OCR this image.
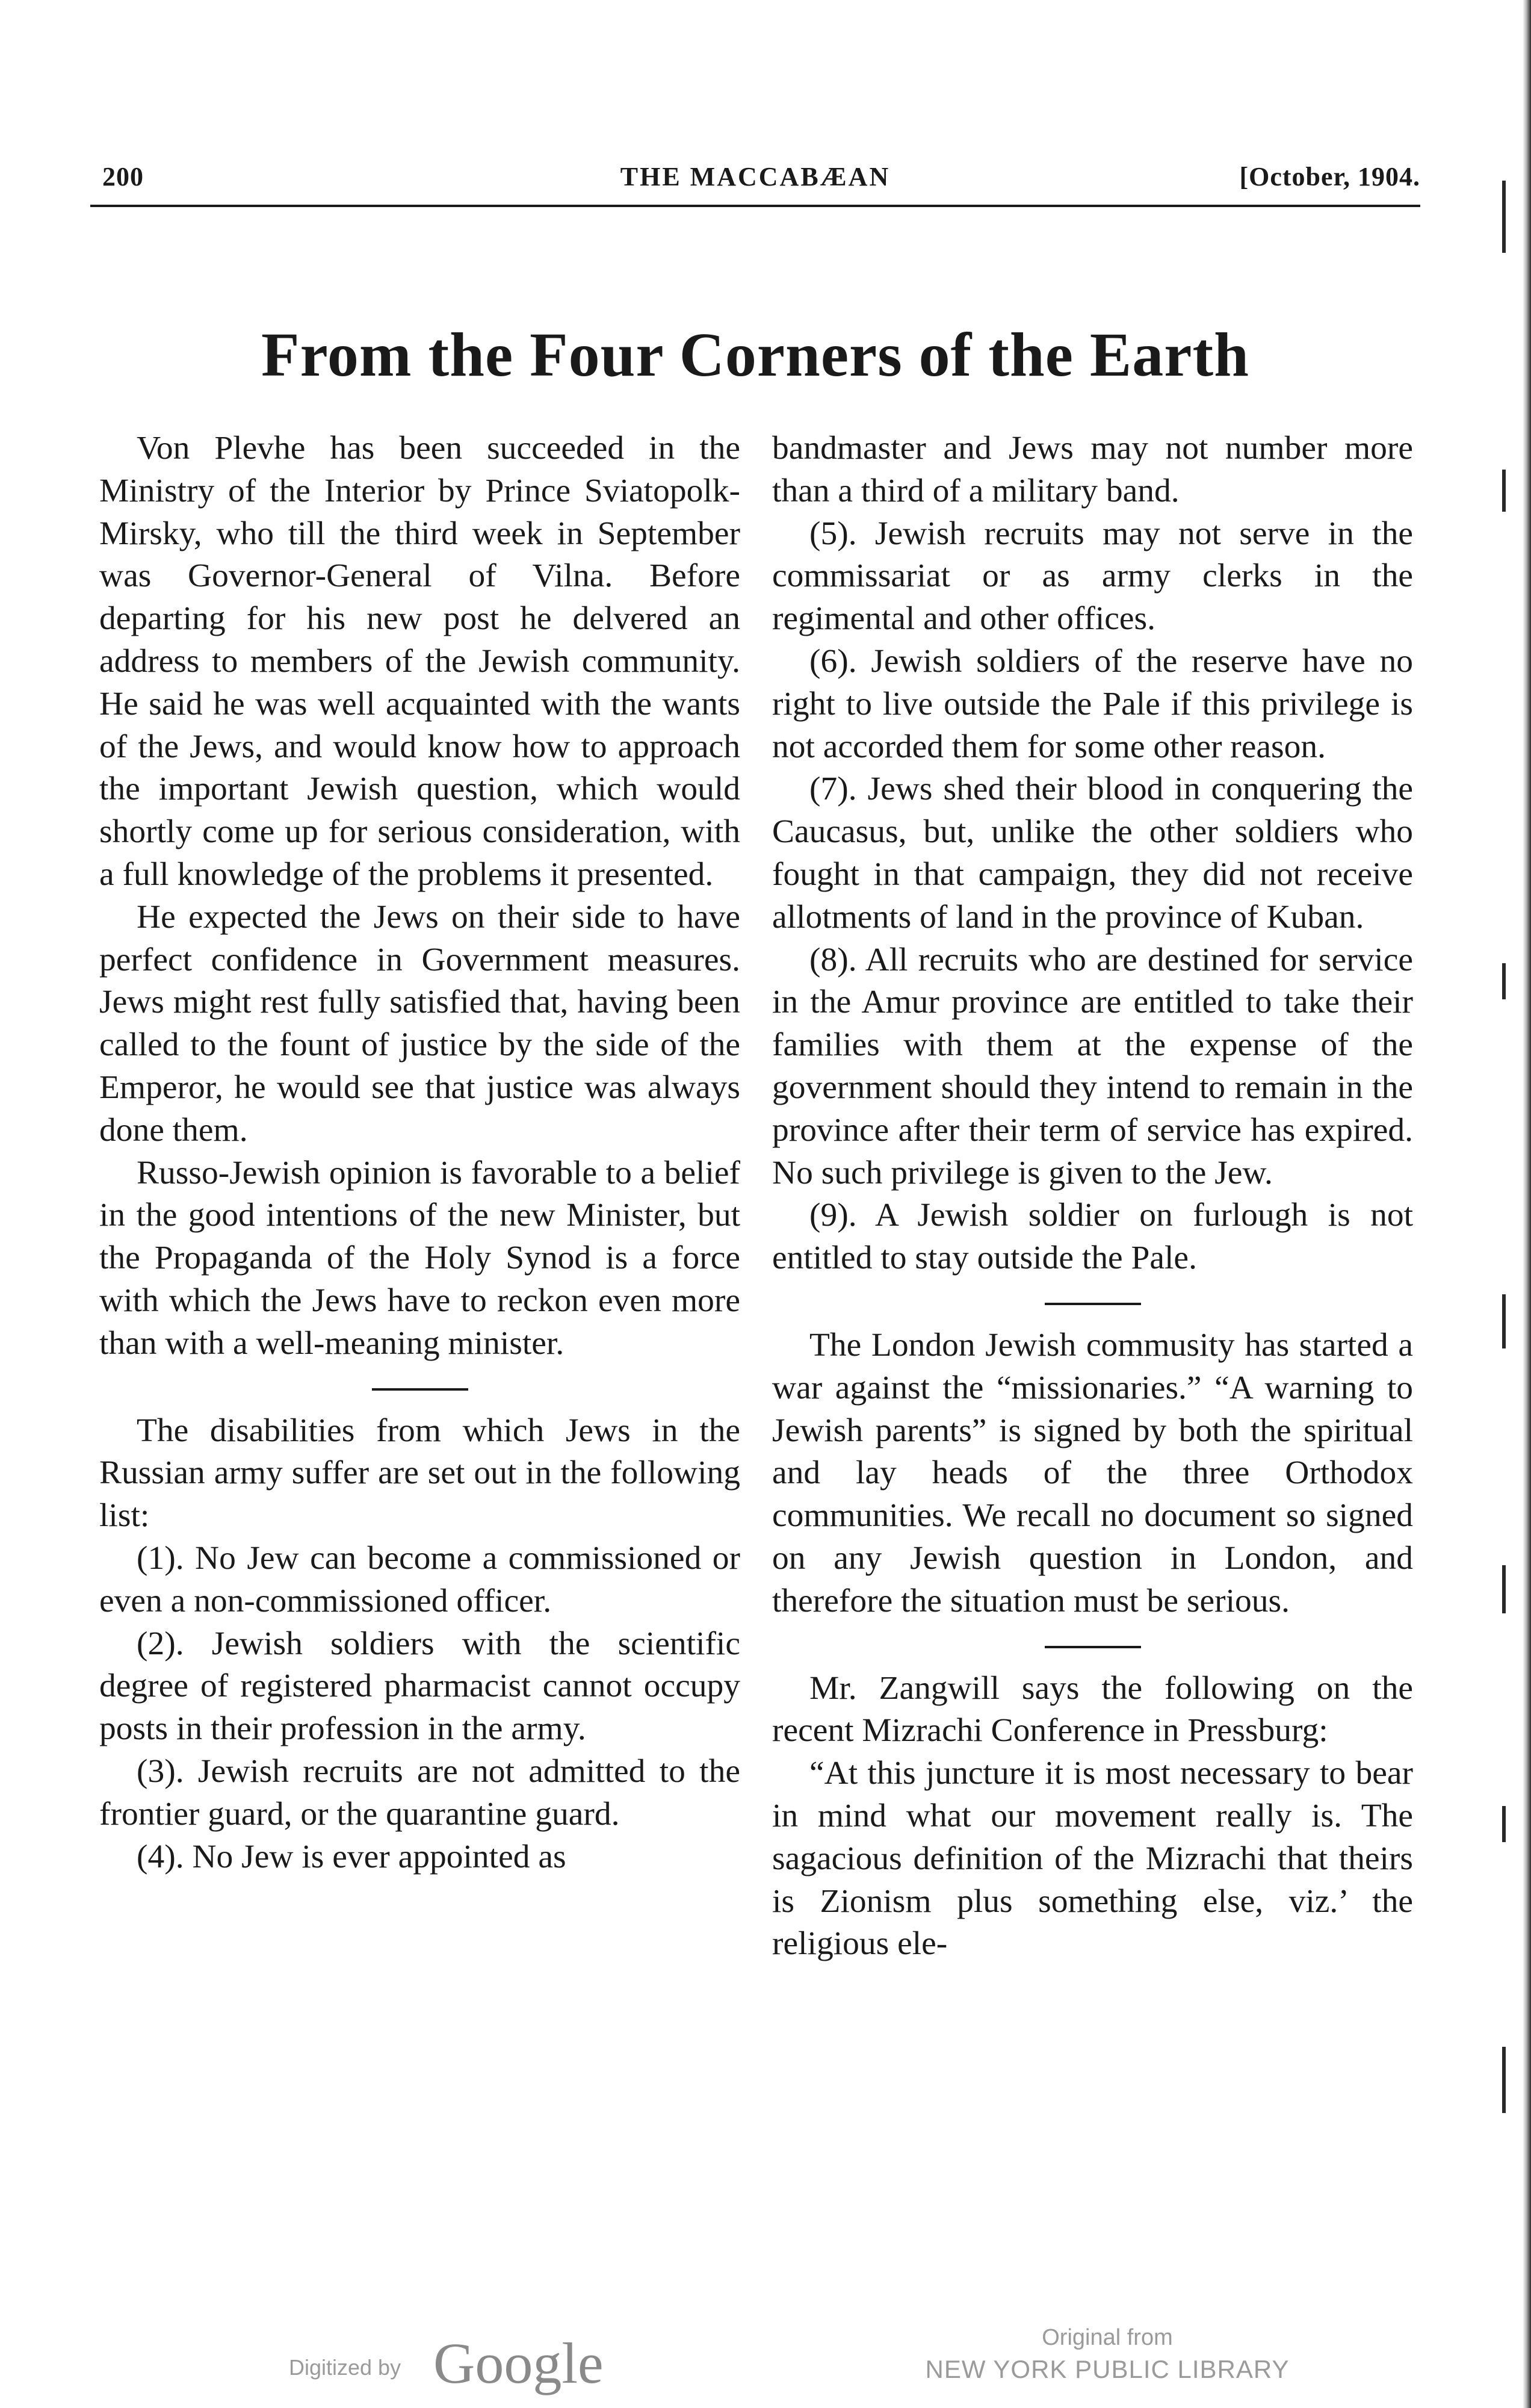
200	THE MACCABÆAN	[October, 1904.
From the Four Corners of the Earth

Von Plevhe has been succeeded in the Ministry of the Interior by Prince Sviatopolk-Mirsky, who till the third week in September was Governor-General of Vilna. Before departing for his new post he delvered an address to members of the Jewish community. He said he was well acquainted with the wants of the Jews, and would know how to approach the important Jewish question, which would shortly come up for serious consideration, with a full knowledge of the problems it presented.

He expected the Jews on their side to have perfect confidence in Government measures. Jews might rest fully satisfied that, having been called to the fount of justice by the side of the Emperor, he would see that justice was always done them.

Russo-Jewish opinion is favorable to a belief in the good intentions of the new Minister, but the Propaganda of the Holy Synod is a force with which the Jews have to reckon even more than with a well-meaning minister.

The disabilities from which Jews in the Russian army suffer are set out in the following list:

(1). No Jew can become a commissioned or even a non-commissioned officer.

(2). Jewish soldiers with the scientific degree of registered pharmacist cannot occupy posts in their profession in the army.

(3). Jewish recruits are not admitted to the frontier guard, or the quarantine guard.

(4). No Jew is ever appointed as

bandmaster and Jews may not number more than a third of a military band.

(5). Jewish recruits may not serve in the commissariat or as army clerks in the regimental and other offices.

(6). Jewish soldiers of the reserve have no right to live outside the Pale if this privilege is not accorded them for some other reason.

(7). Jews shed their blood in conquering the Caucasus, but, unlike the other soldiers who fought in that campaign, they did not receive allotments of land in the province of Kuban.

(8). All recruits who are destined for service in the Amur province are entitled to take their families with them at the expense of the government should they intend to remain in the province after their term of service has expired. No such privilege is given to the Jew.

(9). A Jewish soldier on furlough is not entitled to stay outside the Pale.

The London Jewish commusity has started a war against the “missionaries.” “A warning to Jewish parents” is signed by both the spiritual and lay heads of the three Orthodox communities. We recall no document so signed on any Jewish question in London, and therefore the situation must be serious.

Mr. Zangwill says the following on the recent Mizrachi Conference in Pressburg:

“At this juncture it is most necessary to bear in mind what our movement really is. The sagacious definition of the Mizrachi that theirs is Zionism plus something else, viz.’ the religious ele-

Digitized by Google	Original from
NEW YORK PUBLIC LIBRARY
